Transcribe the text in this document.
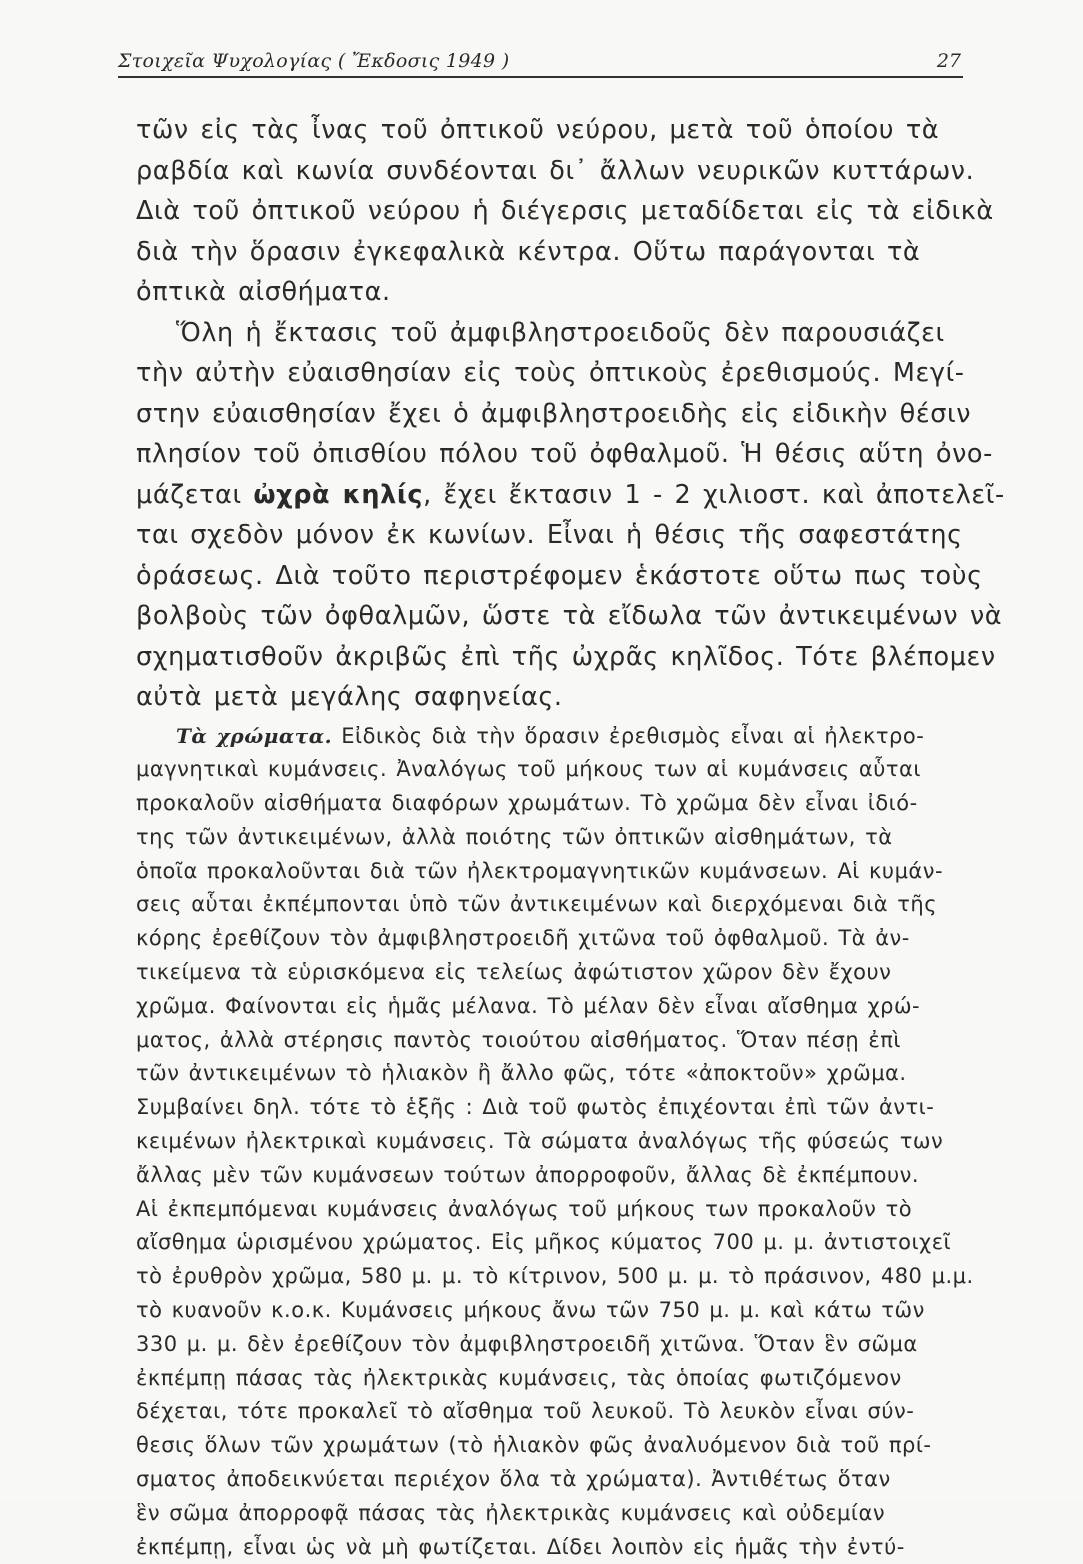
Στοιχεῖα Ψυχολογίας ( Ἔκδοσις 1949 )	27
τῶν εἰς τὰς ἶνας τοῦ ὀπτικοῦ νεύρου, μετὰ τοῦ ὁποίου τὰ
ραβδία καὶ κωνία συνδέονται δι᾿ ἄλλων νευρικῶν κυττάρων.
Διὰ τοῦ ὀπτικοῦ νεύρου ἡ διέγερσις μεταδίδεται εἰς τὰ εἰδικὰ
διὰ τὴν ὅρασιν ἐγκεφαλικὰ κέντρα. Οὕτω παράγονται τὰ
ὀπτικὰ αἰσθήματα.
Ὅλη ἡ ἔκτασις τοῦ ἀμφιβληστροειδοῦς δὲν παρουσιάζει
τὴν αὐτὴν εὐαισθησίαν εἰς τοὺς ὀπτικοὺς ἐρεθισμούς. Μεγί-
στην εὐαισθησίαν ἔχει ὁ ἀμφιβληστροειδὴς εἰς εἰδικὴν θέσιν
πλησίον τοῦ ὀπισθίου πόλου τοῦ ὀφθαλμοῦ. Ἡ θέσις αὕτη ὀνο-
μάζεται ὠχρὰ κηλίς, ἔχει ἔκτασιν 1 - 2 χιλιοστ. καὶ ἀποτελεῖ-
ται σχεδὸν μόνον ἐκ κωνίων. Εἶναι ἡ θέσις τῆς σαφεστάτης
ὁράσεως. Διὰ τοῦτο περιστρέφομεν ἑκάστοτε οὕτω πως τοὺς
βολβοὺς τῶν ὀφθαλμῶν, ὥστε τὰ εἴδωλα τῶν ἀντικειμένων νὰ
σχηματισθοῦν ἀκριβῶς ἐπὶ τῆς ὠχρᾶς κηλῖδος. Τότε βλέπομεν
αὐτὰ μετὰ μεγάλης σαφηνείας.
Τὰ χρώματα. Εἰδικὸς διὰ τὴν ὅρασιν ἐρεθισμὸς εἶναι αἱ ἠλεκτρο-
μαγνητικαὶ κυμάνσεις. Ἀναλόγως τοῦ μήκους των αἱ κυμάνσεις αὗται
προκαλοῦν αἰσθήματα διαφόρων χρωμάτων. Τὸ χρῶμα δὲν εἶναι ἰδιό-
της τῶν ἀντικειμένων, ἀλλὰ ποιότης τῶν ὀπτικῶν αἰσθημάτων, τὰ
ὁποῖα προκαλοῦνται διὰ τῶν ἠλεκτρομαγνητικῶν κυμάνσεων. Αἱ κυμάν-
σεις αὗται ἐκπέμπονται ὑπὸ τῶν ἀντικειμένων καὶ διερχόμεναι διὰ τῆς
κόρης ἐρεθίζουν τὸν ἀμφιβληστροειδῆ χιτῶνα τοῦ ὀφθαλμοῦ. Τὰ ἀν-
τικείμενα τὰ εὑρισκόμενα εἰς τελείως ἀφώτιστον χῶρον δὲν ἔχουν
χρῶμα. Φαίνονται εἰς ἡμᾶς μέλανα. Τὸ μέλαν δὲν εἶναι αἴσθημα χρώ-
ματος, ἀλλὰ στέρησις παντὸς τοιούτου αἰσθήματος. Ὅταν πέσῃ ἐπὶ
τῶν ἀντικειμένων τὸ ἡλιακὸν ἢ ἄλλο φῶς, τότε «ἀποκτοῦν» χρῶμα.
Συμβαίνει δηλ. τότε τὸ ἑξῆς : Διὰ τοῦ φωτὸς ἐπιχέονται ἐπὶ τῶν ἀντι-
κειμένων ἠλεκτρικαὶ κυμάνσεις. Τὰ σώματα ἀναλόγως τῆς φύσεώς των
ἄλλας μὲν τῶν κυμάνσεων τούτων ἀπορροφοῦν, ἄλλας δὲ ἐκπέμπουν.
Αἱ ἐκπεμπόμεναι κυμάνσεις ἀναλόγως τοῦ μήκους των προκαλοῦν τὸ
αἴσθημα ὡρισμένου χρώματος. Εἰς μῆκος κύματος 700 μ. μ. ἀντιστοιχεῖ
τὸ ἐρυθρὸν χρῶμα, 580 μ. μ. τὸ κίτρινον, 500 μ. μ. τὸ πράσινον, 480 μ.μ.
τὸ κυανοῦν κ.ο.κ. Κυμάνσεις μήκους ἄνω τῶν 750 μ. μ. καὶ κάτω τῶν
330 μ. μ. δὲν ἐρεθίζουν τὸν ἀμφιβληστροειδῆ χιτῶνα. Ὅταν ἓν σῶμα
ἐκπέμπῃ πάσας τὰς ἠλεκτρικὰς κυμάνσεις, τὰς ὁποίας φωτιζόμενον
δέχεται, τότε προκαλεῖ τὸ αἴσθημα τοῦ λευκοῦ. Τὸ λευκὸν εἶναι σύν-
θεσις ὅλων τῶν χρωμάτων (τὸ ἡλιακὸν φῶς ἀναλυόμενον διὰ τοῦ πρί-
σματος ἀποδεικνύεται περιέχον ὅλα τὰ χρώματα). Ἀντιθέτως ὅταν
ἓν σῶμα ἀπορροφᾷ πάσας τὰς ἠλεκτρικὰς κυμάνσεις καὶ οὐδεμίαν
ἐκπέμπῃ, εἶναι ὡς νὰ μὴ φωτίζεται. Δίδει λοιπὸν εἰς ἡμᾶς τὴν ἐντύ-
